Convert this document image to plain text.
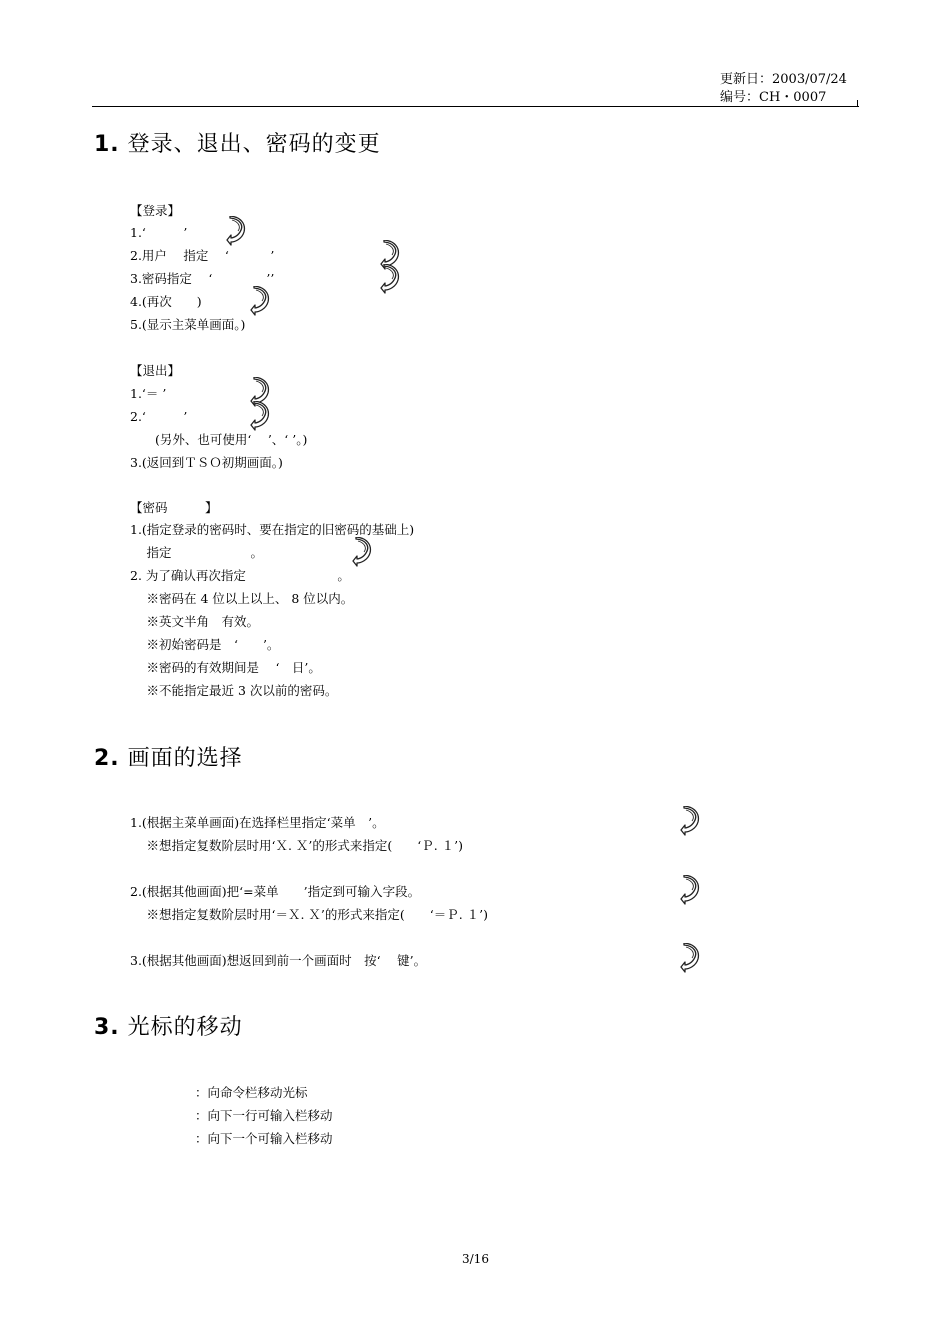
更新日：2003/07/24
编号：CH・0007
1. 登录、退出、密码的变更
【登录】
1.‘　　　’
2.用户　 指定　 ‘　　　 ’
3.密码指定　 ‘　　　　 ’’
4.(再次　　)
5.(显示主菜单画面。)
【退出】
1.‘＝ ’
2.‘　　　’
　　(另外、也可使用‘　 ’、‘ ’。)
3.(返回到ＴＳＯ初期画面。)
【密码　　　】
1.(指定登录的密码时、要在指定的旧密码的基础上)
　 指定　　　　　　 。
2. 为了确认再次指定　　　　　　　 。
　 ※密码在 4 位以上以上、 8 位以内。
　 ※英文半角　有效。
　 ※初始密码是　‘　　’。
　 ※密码的有效期间是　 ‘　日’。
　 ※不能指定最近 3 次以前的密码。
2. 画面的选择
1.(根据主菜单画面)在选择栏里指定‘菜单　’。
　 ※想指定复数阶层时用‘Ｘ. Ｘ’的形式来指定(　　‘Ｐ. １’)
2.(根据其他画面)把‘=菜单　　’指定到可输入字段。
　 ※想指定复数阶层时用‘＝Ｘ. Ｘ’的形式来指定(　　‘＝Ｐ. １’)
3.(根据其他画面)想返回到前一个画面时　按‘　 键’。
3. 光标的移动
：向命令栏移动光标
：向下一行可输入栏移动
：向下一个可输入栏移动
3/16
